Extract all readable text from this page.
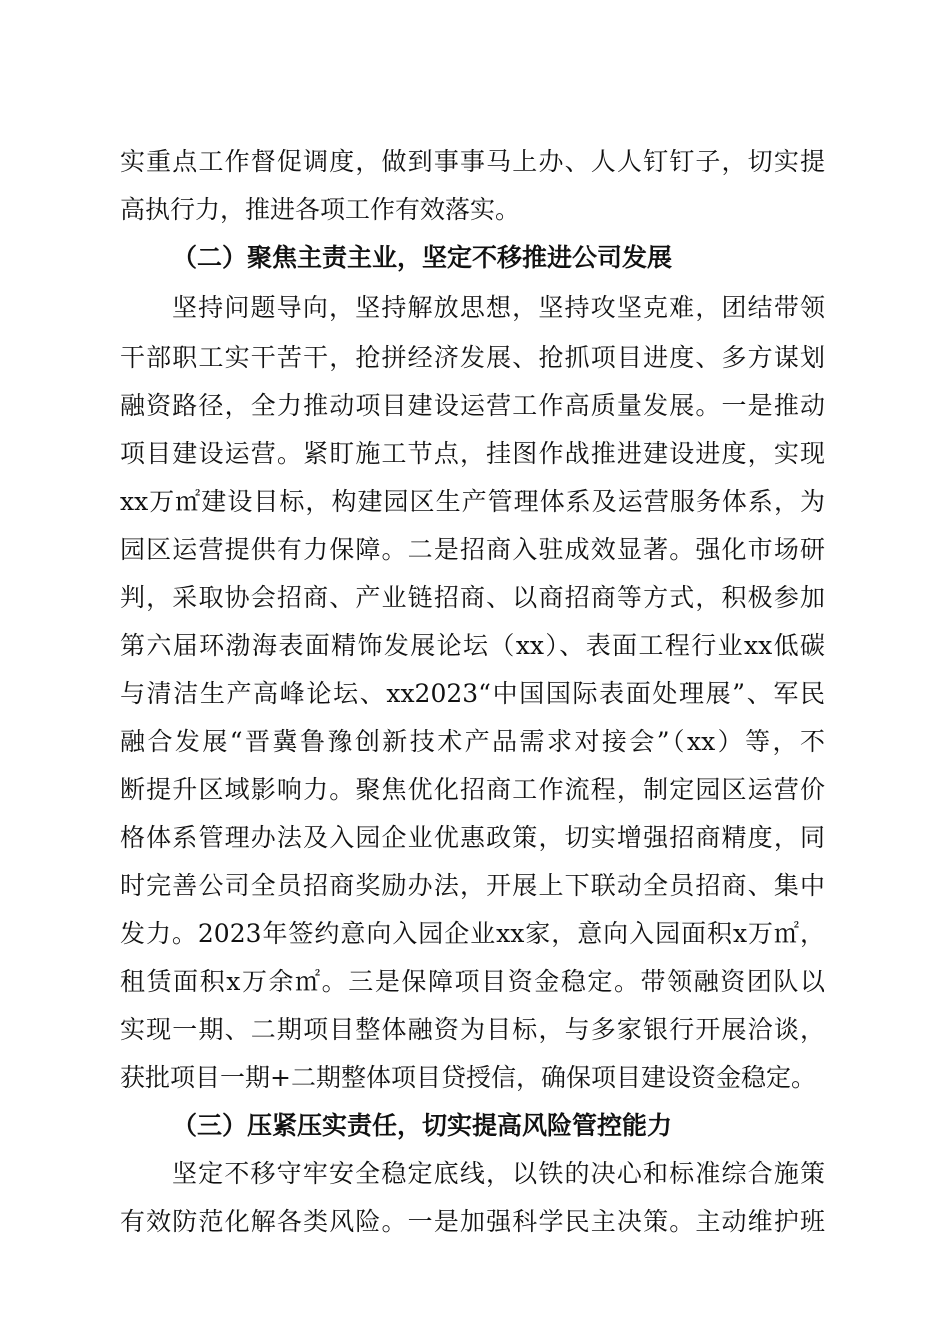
实重点工作督促调度，做到事事马上办、人人钉钉子，切实提
高执行力，推进各项工作有效落实。
（二）聚焦主责主业，坚定不移推进公司发展
坚持问题导向，坚持解放思想，坚持攻坚克难，团结带领
干部职工实干苦干，抢拼经济发展、抢抓项目进度、多方谋划
融资路径，全力推动项目建设运营工作高质量发展。一是推动
项目建设运营。紧盯施工节点，挂图作战推进建设进度，实现
xx万㎡建设目标，构建园区生产管理体系及运营服务体系，为
园区运营提供有力保障。二是招商入驻成效显著。强化市场研
判，采取协会招商、产业链招商、以商招商等方式，积极参加
第六届环渤海表面精饰发展论坛（xx）、表面工程行业xx低碳
与清洁生产高峰论坛、xx2023“中国国际表面处理展”、军民
融合发展“晋冀鲁豫创新技术产品需求对接会”（xx）等，不
断提升区域影响力。聚焦优化招商工作流程，制定园区运营价
格体系管理办法及入园企业优惠政策，切实增强招商精度，同
时完善公司全员招商奖励办法，开展上下联动全员招商、集中
发力。2023年签约意向入园企业xx家，意向入园面积x万㎡，
租赁面积x万余㎡。三是保障项目资金稳定。带领融资团队以
实现一期、二期项目整体融资为目标，与多家银行开展洽谈，
获批项目一期+二期整体项目贷授信，确保项目建设资金稳定。
（三）压紧压实责任，切实提高风险管控能力
坚定不移守牢安全稳定底线，以铁的决心和标准综合施策
有效防范化解各类风险。一是加强科学民主决策。主动维护班
